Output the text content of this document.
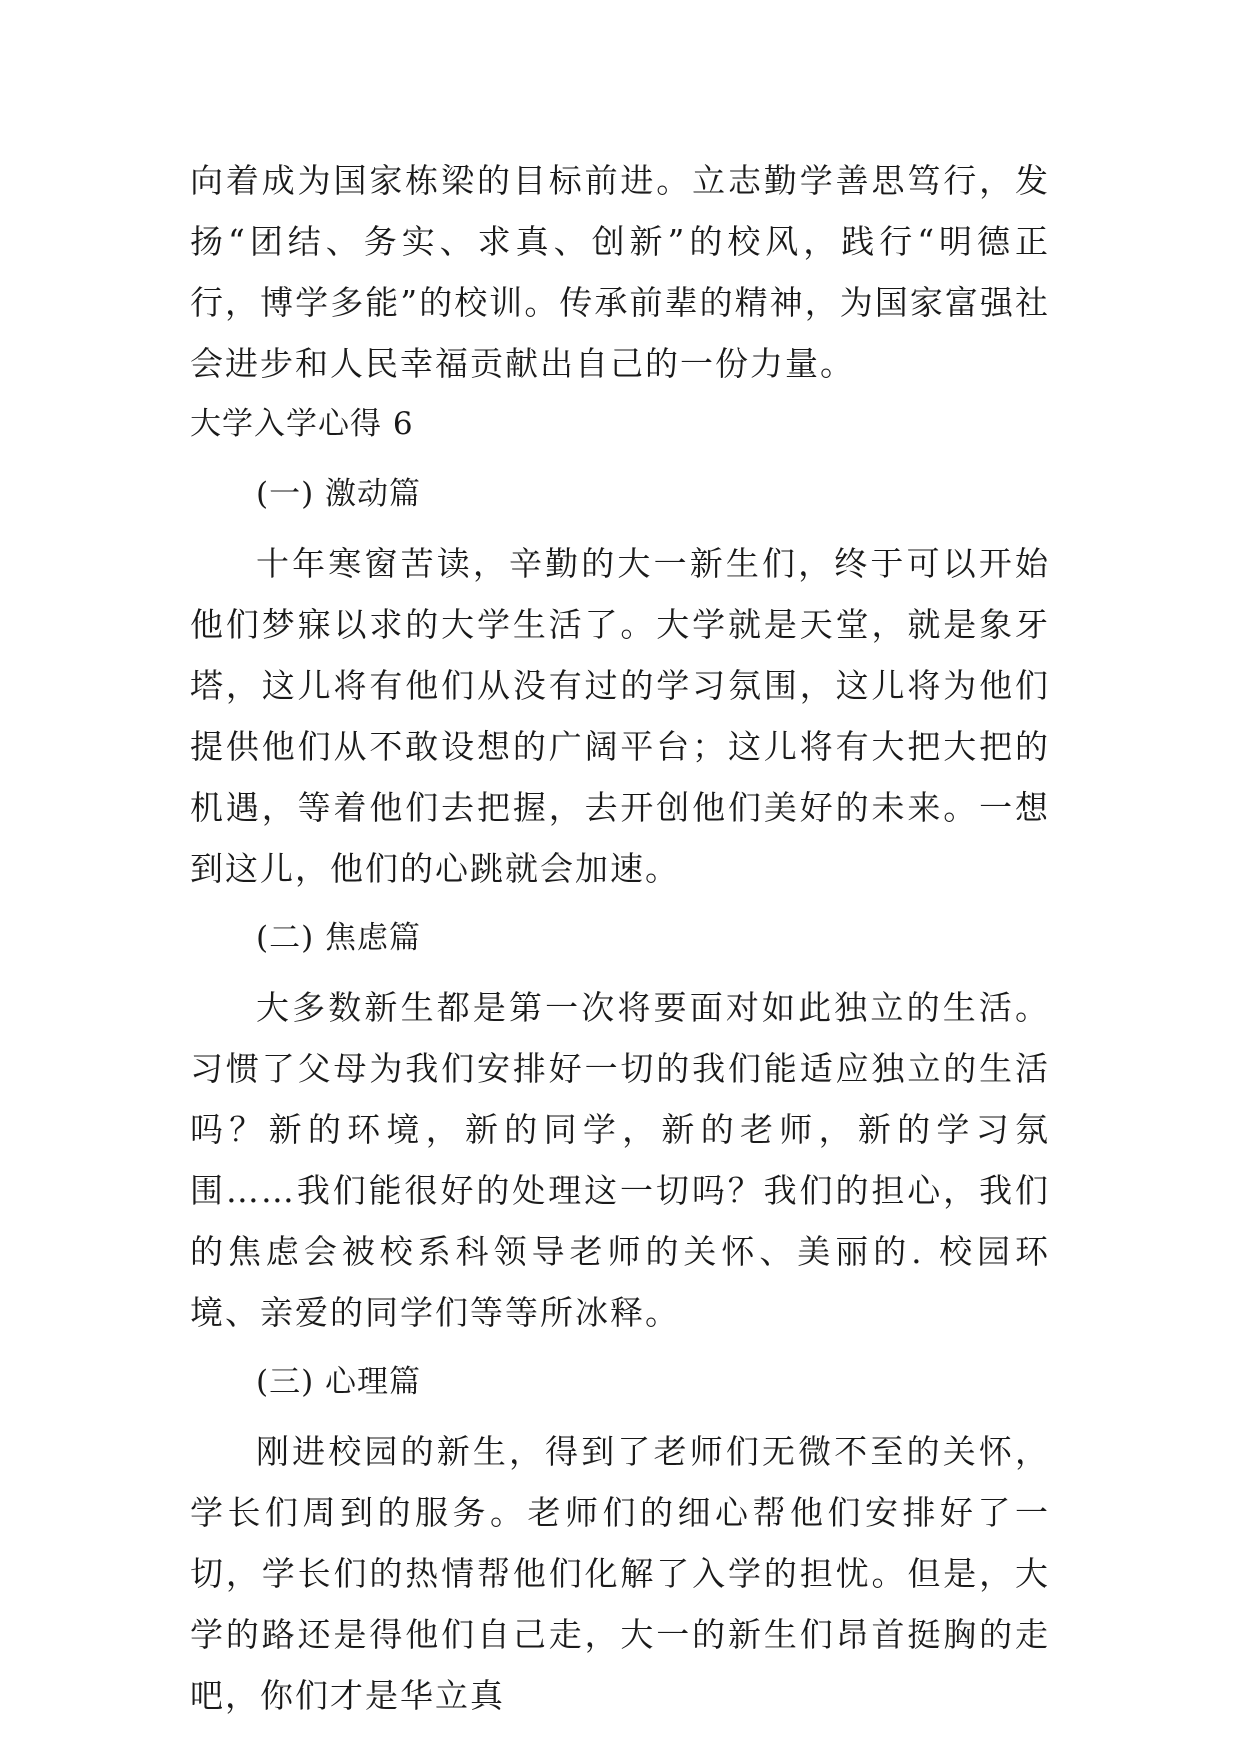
向着成为国家栋梁的目标前进。立志勤学善思笃行，发扬“团结、务实、求真、创新”的校风，践行“明德正行，博学多能”的校训。传承前辈的精神，为国家富强社会进步和人民幸福贡献出自己的一份力量。

大学入学心得 6

(一) 激动篇

十年寒窗苦读，辛勤的大一新生们，终于可以开始他们梦寐以求的大学生活了。大学就是天堂，就是象牙塔，这儿将有他们从没有过的学习氛围，这儿将为他们提供他们从不敢设想的广阔平台；这儿将有大把大把的机遇，等着他们去把握，去开创他们美好的未来。一想到这儿，他们的心跳就会加速。

(二) 焦虑篇

大多数新生都是第一次将要面对如此独立的生活。习惯了父母为我们安排好一切的我们能适应独立的生活吗？新的环境，新的同学，新的老师，新的学习氛围……我们能很好的处理这一切吗？我们的担心，我们的焦虑会被校系科领导老师的关怀、美丽的. 校园环境、亲爱的同学们等等所冰释。

(三) 心理篇

刚进校园的新生，得到了老师们无微不至的关怀，学长们周到的服务。老师们的细心帮他们安排好了一切，学长们的热情帮他们化解了入学的担忧。但是，大学的路还是得他们自己走，大一的新生们昂首挺胸的走吧，你们才是华立真
